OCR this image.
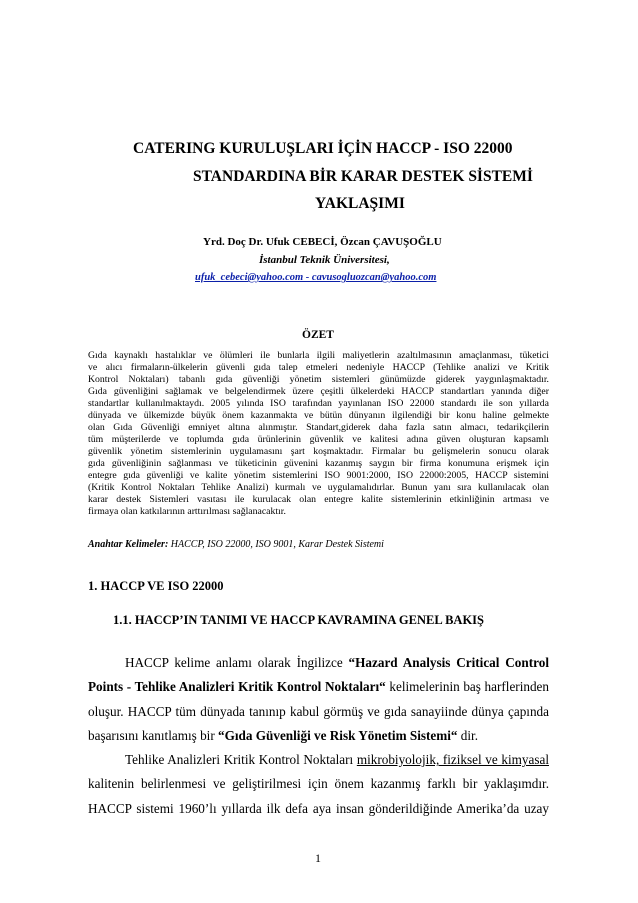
CATERING KURULUŞLARI İÇİN HACCP - ISO 22000
STANDARDINA BİR KARAR DESTEK SİSTEMİ
YAKLAŞIMI
Yrd. Doç Dr. Ufuk CEBECİ, Özcan ÇAVUŞOĞLU
İstanbul Teknik Üniversitesi,
ufuk_cebeci@yahoo.com - cavusogluozcan@yahoo.com
ÖZET
Gıda kaynaklı hastalıklar ve ölümleri ile bunlarla ilgili maliyetlerin azaltılmasının amaçlanması, tüketici
ve alıcı firmaların-ülkelerin güvenli gıda talep etmeleri nedeniyle HACCP (Tehlike analizi ve Kritik
Kontrol Noktaları) tabanlı gıda güvenliği yönetim sistemleri günümüzde giderek yaygınlaşmaktadır.
Gıda güvenliğini sağlamak ve belgelendirmek üzere çeşitli ülkelerdeki HACCP standartları yanında diğer
standartlar kullanılmaktaydı. 2005 yılında ISO tarafından yayınlanan ISO 22000 standardı ile son yıllarda
dünyada ve ülkemizde büyük önem kazanmakta ve bütün dünyanın ilgilendiği bir konu haline gelmekte
olan Gıda Güvenliği emniyet altına alınmıştır. Standart,giderek daha fazla satın almacı, tedarikçilerin
tüm müşterilerde ve toplumda gıda ürünlerinin güvenlik ve kalitesi adına güven oluşturan kapsamlı
güvenlik yönetim sistemlerinin uygulamasını şart koşmaktadır. Firmalar bu gelişmelerin sonucu olarak
gıda güvenliğinin sağlanması ve tüketicinin güvenini kazanmış saygın bir firma konumuna erişmek için
entegre gıda güvenliği ve kalite yönetim sistemlerini ISO 9001:2000, ISO 22000:2005, HACCP sistemini
(Kritik Kontrol Noktaları Tehlike Analizi) kurmalı ve uygulamalıdırlar. Bunun yanı sıra kullanılacak olan
karar destek Sistemleri vasıtası ile kurulacak olan entegre kalite sistemlerinin etkinliğinin artması ve
firmaya olan katkılarının arttırılması sağlanacaktır.
Anahtar Kelimeler: HACCP, ISO 22000, ISO 9001, Karar Destek Sistemi
1. HACCP VE ISO 22000
1.1. HACCP’IN TANIMI VE HACCP KAVRAMINA GENEL BAKIŞ
HACCP kelime anlamı olarak İngilizce “Hazard Analysis Critical Control
Points - Tehlike Analizleri Kritik Kontrol Noktaları“ kelimelerinin baş harflerinden
oluşur. HACCP tüm dünyada tanınıp kabul görmüş ve gıda sanayiinde dünya çapında
başarısını kanıtlamış bir “Gıda Güvenliği ve Risk Yönetim Sistemi“ dir.
Tehlike Analizleri Kritik Kontrol Noktaları mikrobiyolojik, fiziksel ve kimyasal
kalitenin belirlenmesi ve geliştirilmesi için önem kazanmış farklı bir yaklaşımdır.
HACCP sistemi 1960’lı yıllarda ilk defa aya insan gönderildiğinde Amerika’da uzay
1
